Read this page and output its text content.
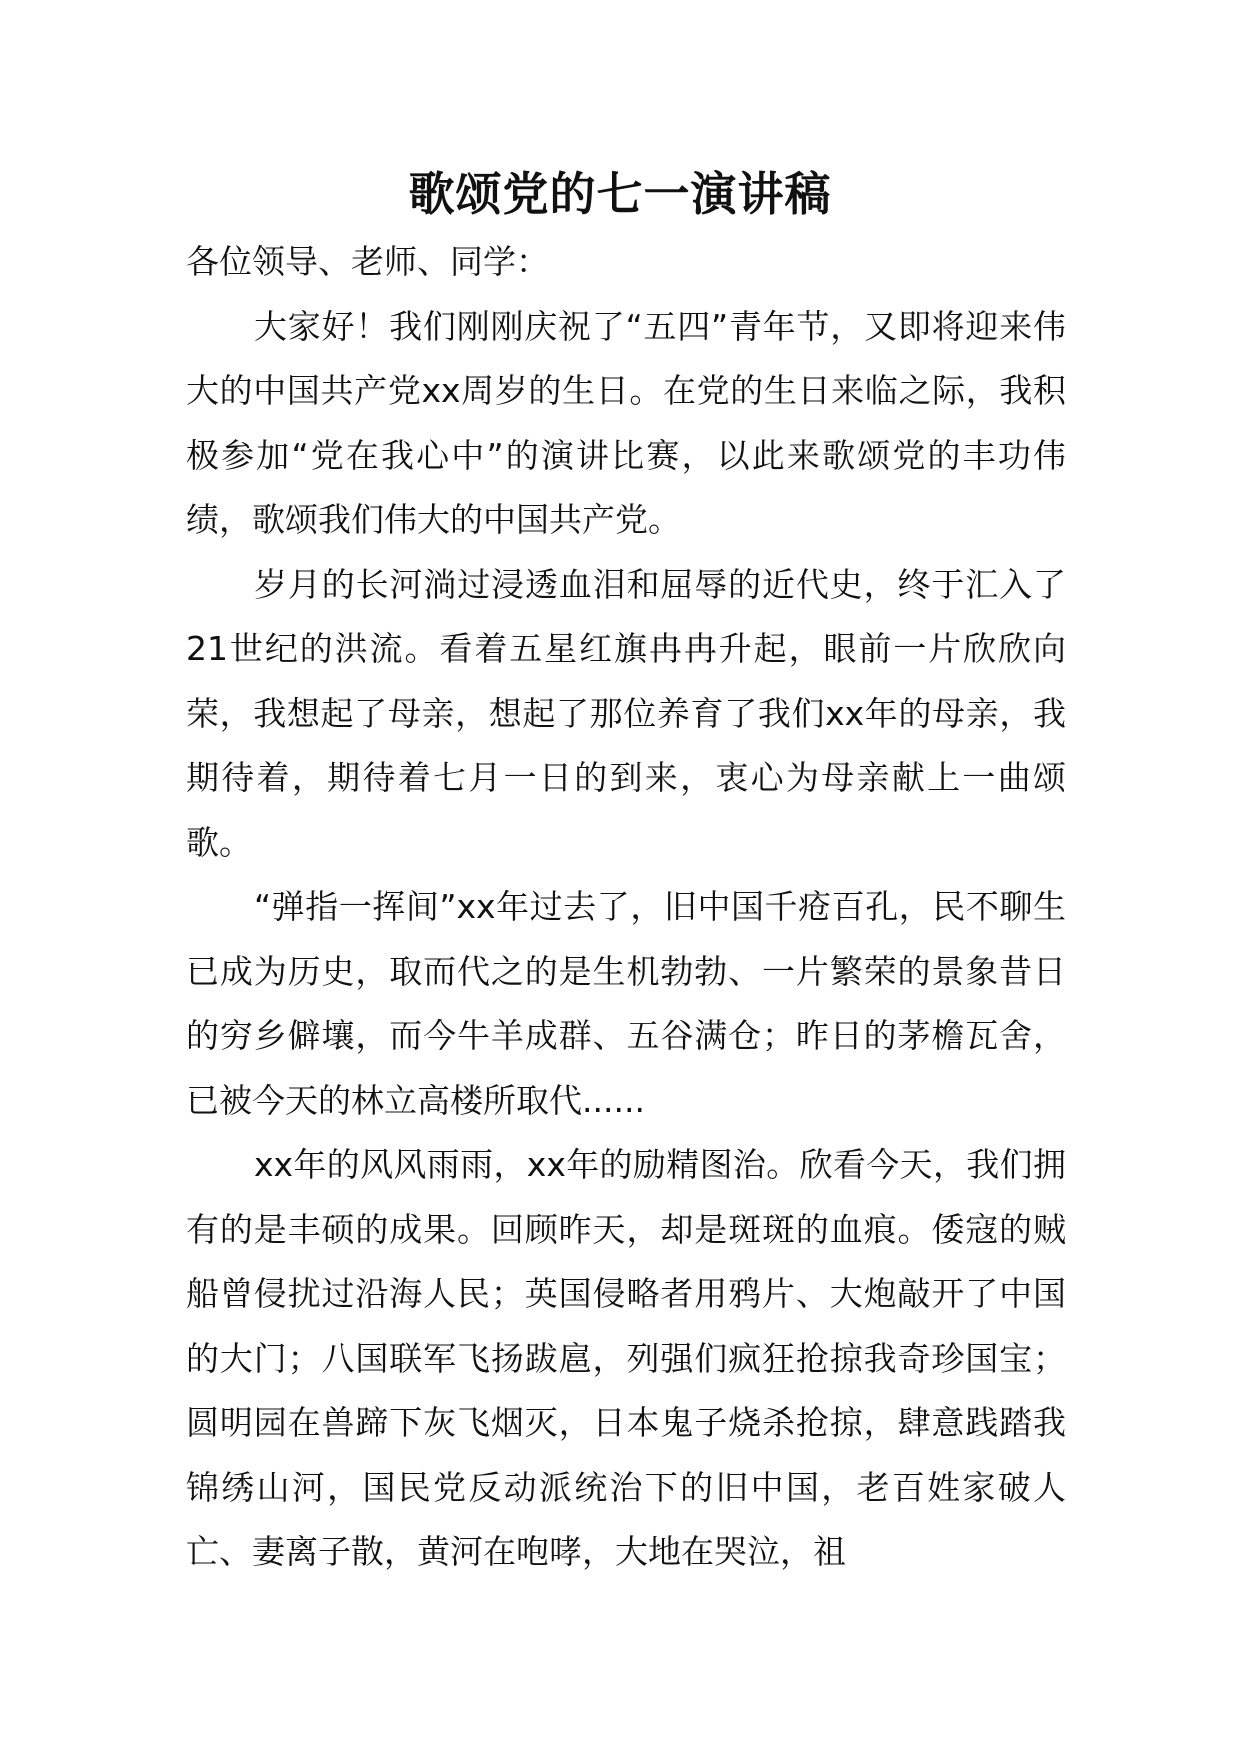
歌颂党的七一演讲稿

各位领导、老师、同学：

大家好！我们刚刚庆祝了“五四”青年节，又即将迎来伟大的中国共产党xx周岁的生日。在党的生日来临之际，我积极参加“党在我心中”的演讲比赛，以此来歌颂党的丰功伟绩，歌颂我们伟大的中国共产党。

岁月的长河淌过浸透血泪和屈辱的近代史，终于汇入了21世纪的洪流。看着五星红旗冉冉升起，眼前一片欣欣向荣，我想起了母亲，想起了那位养育了我们xx年的母亲，我期待着，期待着七月一日的到来，衷心为母亲献上一曲颂歌。

“弹指一挥间”xx年过去了，旧中国千疮百孔，民不聊生已成为历史，取而代之的是生机勃勃、一片繁荣的景象昔日的穷乡僻壤，而今牛羊成群、五谷满仓；昨日的茅檐瓦舍，已被今天的林立高楼所取代......

xx年的风风雨雨，xx年的励精图治。欣看今天，我们拥有的是丰硕的成果。回顾昨天，却是斑斑的血痕。倭寇的贼船曾侵扰过沿海人民；英国侵略者用鸦片、大炮敲开了中国的大门；八国联军飞扬跋扈，列强们疯狂抢掠我奇珍国宝；圆明园在兽蹄下灰飞烟灭，日本鬼子烧杀抢掠，肆意践踏我锦绣山河，国民党反动派统治下的旧中国，老百姓家破人亡、妻离子散，黄河在咆哮，大地在哭泣，祖
